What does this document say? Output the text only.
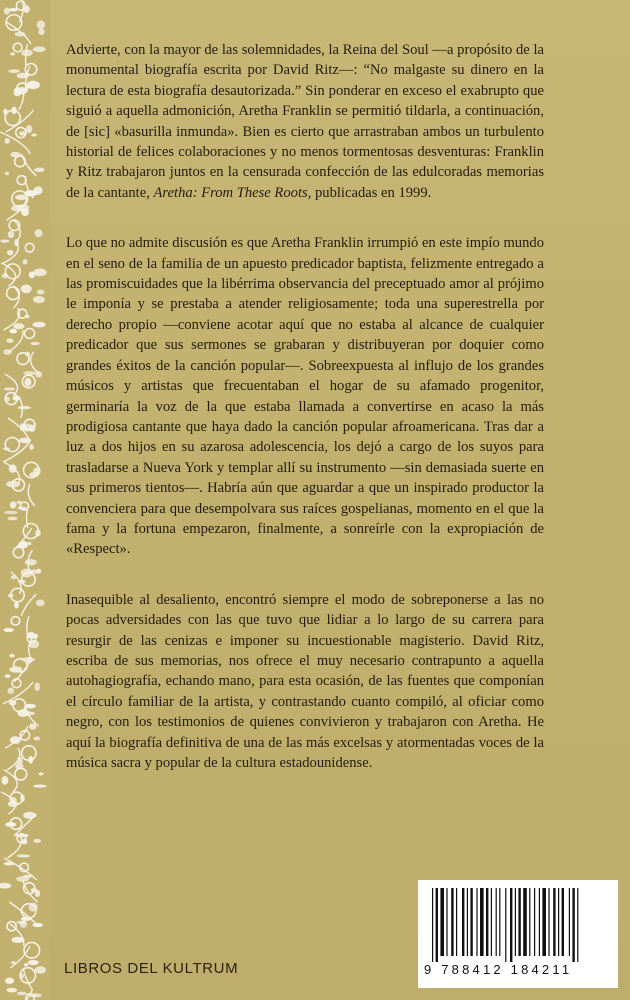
Advierte, con la mayor de las solemnidades, la Reina del Soul —a propósito de la monumental biografía escrita por David Ritz—: “No malgaste su dinero en la lectura de esta biografía desautorizada.” Sin ponderar en exceso el exabrupto que siguió a aquella admonición, Aretha Franklin se permitió tildarla, a continuación, de [sic] «basurilla inmunda». Bien es cierto que arrastraban ambos un turbulento historial de felices colaboraciones y no menos tormentosas desventuras: Franklin y Ritz trabajaron juntos en la censurada confección de las edulcoradas memorias de la cantante, Aretha: From These Roots, publicadas en 1999.

Lo que no admite discusión es que Aretha Franklin irrumpió en este impío mundo en el seno de la familia de un apuesto predicador baptista, felizmente entregado a las promiscuidades que la libérrima observancia del preceptuado amor al prójimo le imponía y se prestaba a atender religiosamente; toda una superestrella por derecho propio —conviene acotar aquí que no estaba al alcance de cualquier predicador que sus sermones se grabaran y distribuyeran por doquier como grandes éxitos de la canción popular—. Sobreexpuesta al influjo de los grandes músicos y artistas que frecuentaban el hogar de su afamado progenitor, germinaría la voz de la que estaba llamada a convertirse en acaso la más prodigiosa cantante que haya dado la canción popular afroamericana. Tras dar a luz a dos hijos en su azarosa adolescencia, los dejó a cargo de los suyos para trasladarse a Nueva York y templar allí su instrumento —sin demasiada suerte en sus primeros tientos—. Habría aún que aguardar a que un inspirado productor la convenciera para que desempolvara sus raíces gospelianas, momento en el que la fama y la fortuna empezaron, finalmente, a sonreírle con la expropiación de «Respect».

Inasequible al desaliento, encontró siempre el modo de sobreponerse a las no pocas adversidades con las que tuvo que lidiar a lo largo de su carrera para resurgir de las cenizas e imponer su incuestionable magisterio. David Ritz, escriba de sus memorias, nos ofrece el muy necesario contrapunto a aquella autohagiografía, echando mano, para esta ocasión, de las fuentes que componían el círculo familiar de la artista, y contrastando cuanto compiló, al oficiar como negro, con los testimonios de quienes convivieron y trabajaron con Aretha. He aquí la biografía definitiva de una de las más excelsas y atormentadas voces de la música sacra y popular de la cultura estadounidense.

LIBROS DEL KULTRUM	9 788412 184211
